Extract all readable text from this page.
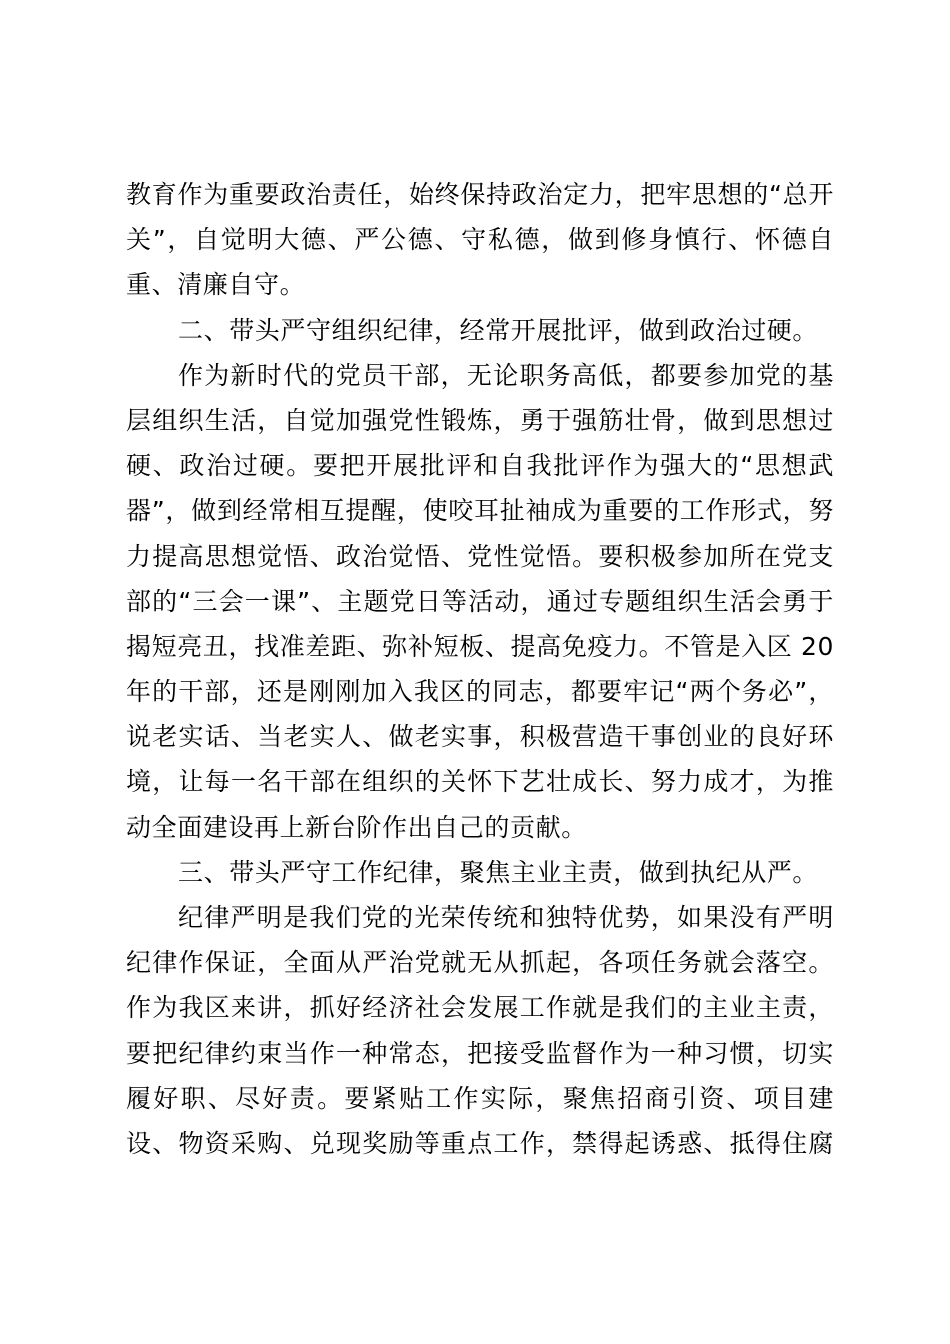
教育作为重要政治责任，始终保持政治定力，把牢思想的“总开
关”，自觉明大德、严公德、守私德，做到修身慎行、怀德自
重、清廉自守。
二、带头严守组织纪律，经常开展批评，做到政治过硬。
作为新时代的党员干部，无论职务高低，都要参加党的基
层组织生活，自觉加强党性锻炼，勇于强筋壮骨，做到思想过
硬、政治过硬。要把开展批评和自我批评作为强大的“思想武
器”，做到经常相互提醒，使咬耳扯袖成为重要的工作形式，努
力提高思想觉悟、政治觉悟、党性觉悟。要积极参加所在党支
部的“三会一课”、主题党日等活动，通过专题组织生活会勇于
揭短亮丑，找准差距、弥补短板、提高免疫力。不管是入区 20
年的干部，还是刚刚加入我区的同志，都要牢记“两个务必”，
说老实话、当老实人、做老实事，积极营造干事创业的良好环
境，让每一名干部在组织的关怀下艺壮成长、努力成才，为推
动全面建设再上新台阶作出自己的贡献。
三、带头严守工作纪律，聚焦主业主责，做到执纪从严。
纪律严明是我们党的光荣传统和独特优势，如果没有严明
纪律作保证，全面从严治党就无从抓起，各项任务就会落空。
作为我区来讲，抓好经济社会发展工作就是我们的主业主责，
要把纪律约束当作一种常态，把接受监督作为一种习惯，切实
履好职、尽好责。要紧贴工作实际，聚焦招商引资、项目建
设、物资采购、兑现奖励等重点工作，禁得起诱惑、抵得住腐
